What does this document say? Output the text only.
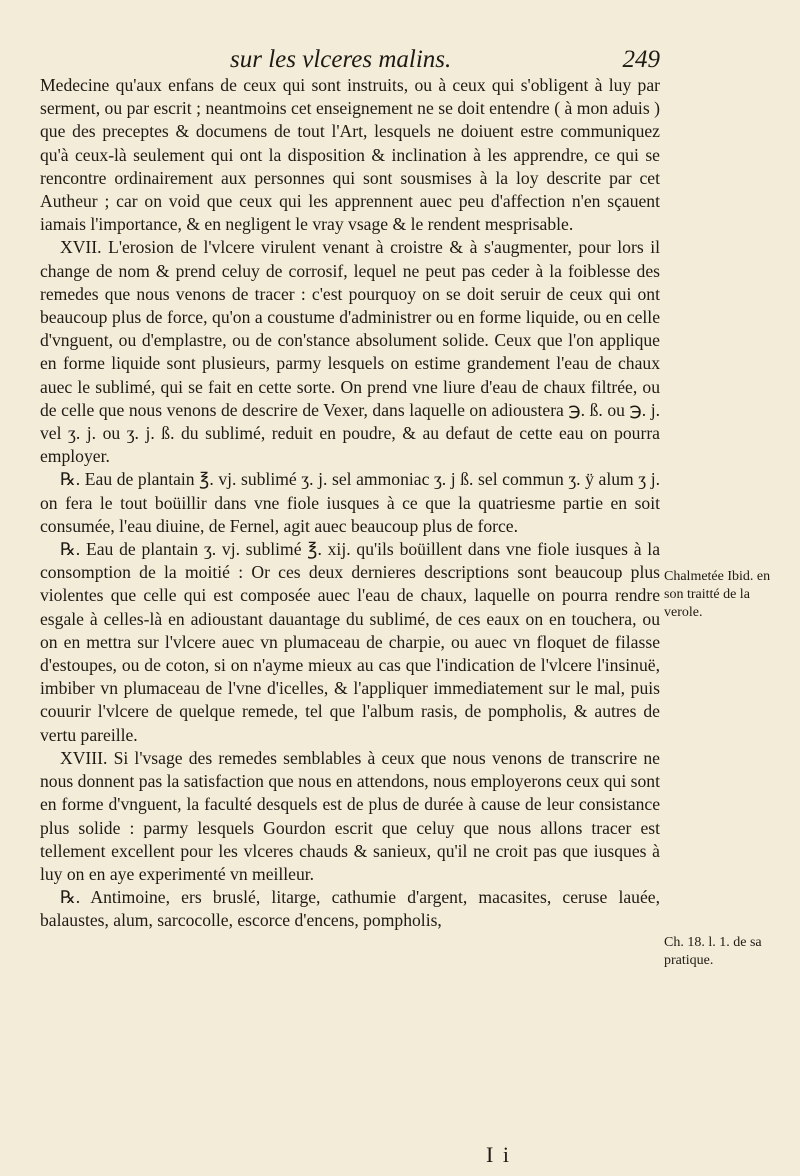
sur les vlceres malins.	249

Medecine qu'aux enfans de ceux qui sont instruits, ou à ceux qui s'obligent à luy par serment, ou par escrit ; neantmoins cet enseignement ne se doit entendre ( à mon aduis ) que des preceptes & documens de tout l'Art, lesquels ne doiuent estre communiquez qu'à ceux-là seulement qui ont la disposition & inclination à les apprendre, ce qui se rencontre ordinairement aux personnes qui sont sousmises à la loy descrite par cet Autheur ; car on void que ceux qui les apprennent auec peu d'affection n'en sçauent iamais l'importance, & en negligent le vray vsage & le rendent mesprisable.

XVII. L'erosion de l'vlcere virulent venant à croistre & à s'augmenter, pour lors il change de nom & prend celuy de corrosif, lequel ne peut pas ceder à la foiblesse des remedes que nous venons de tracer : c'est pourquoy on se doit seruir de ceux qui ont beaucoup plus de force, qu'on a coustume d'administrer ou en forme liquide, ou en celle d'vnguent, ou d'emplastre, ou de con'stance absolument solide. Ceux que l'on applique en forme liquide sont plusieurs, parmy lesquels on estime grandement l'eau de chaux auec le sublimé, qui se fait en cette sorte. On prend vne liure d'eau de chaux filtrée, ou de celle que nous venons de descrire de Vexer, dans laquelle on adioustera ℈. ß. ou ℈. j. vel ʒ. j. ou ʒ. j. ß. du sublimé, reduit en poudre, & au defaut de cette eau on pourra employer.

℞. Eau de plantain ℥. vj. sublimé ʒ. j. sel ammoniac ʒ. j ß. sel commun ʒ. ÿ alum ʒ j. on fera le tout boüillir dans vne fiole iusques à ce que la quatriesme partie en soit consumée, l'eau diuine, de Fernel, agit auec beaucoup plus de force.

℞. Eau de plantain ʒ. vj. sublimé ℥. xij. qu'ils boüillent dans vne fiole iusques à la consomption de la moitié : Or ces deux dernieres descriptions sont beaucoup plus violentes que celle qui est composée auec l'eau de chaux, laquelle on pourra rendre esgale à celles-là en adioustant dauantage du sublimé, de ces eaux on en touchera, ou on en mettra sur l'vlcere auec vn plumaceau de charpie, ou auec vn floquet de filasse d'estoupes, ou de coton, si on n'ayme mieux au cas que l'indication de l'vlcere l'insinuë, imbiber vn plumaceau de l'vne d'icelles, & l'appliquer immediatement sur le mal, puis couurir l'vlcere de quelque remede, tel que l'album rasis, de pompholis, & autres de vertu pareille.

XVIII. Si l'vsage des remedes semblables à ceux que nous venons de transcrire ne nous donnent pas la satisfaction que nous en attendons, nous employerons ceux qui sont en forme d'vnguent, la faculté desquels est de plus de durée à cause de leur consistance plus solide : parmy lesquels Gourdon escrit que celuy que nous allons tracer est tellement excellent pour les vlceres chauds & sanieux, qu'il ne croit pas que iusques à luy on en aye experimenté vn meilleur.

℞. Antimoine, ers bruslé, litarge, cathumie d'argent, macasites, ceruse lauée, balaustes, alum, sarcocolle, escorce d'encens, pompholis,

Chalmetée Ibid. en son traitté de la verole.
Ch. 18. l. 1. de sa pratique.
I i
